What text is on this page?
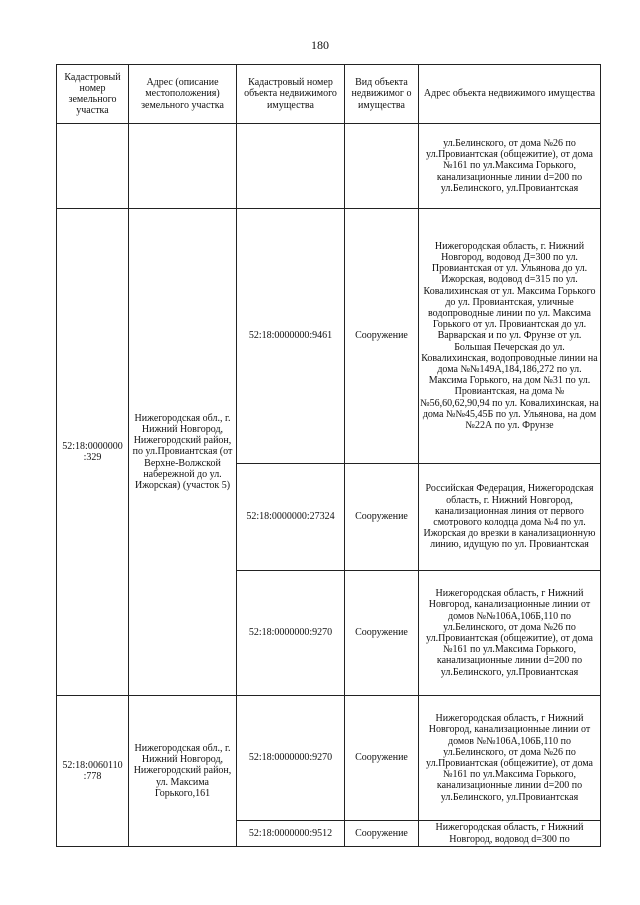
180
Кадастровый номер земельного участка	Адрес (описание местоположения) земельного участка	Кадастровый номер объекта недвижимого имущества	Вид объекта недвижимог о имущества	Адрес объекта недвижимого имущества
				ул.Белинского, от дома №26 по ул.Провиантская (общежитие), от дома №161 по ул.Максима Горького, канализационные линии d=200 по ул.Белинского, ул.Провиантская
52:18:0000000 :329	Нижегородская обл., г. Нижний Новгород, Нижегородский район, по ул.Провиантская (от Верхне-Волжской набережной до ул. Ижорская) (участок 5)	52:18:0000000:9461	Сооружение	Нижегородская область, г. Нижний Новгород, водовод Д=300 по ул. Провиантская от ул. Ульянова до ул. Ижорская, водовод d=315 по ул. Ковалихинская от ул. Максима Горького до ул. Провиантская, уличные водопроводные линии по ул. Максима Горького от ул. Провиантская до ул. Варварская и по ул. Фрунзе от ул. Большая Печерская до ул. Ковалихинская, водопроводные линии на дома №№149А,184,186,272 по ул. Максима Горького, на дом №31 по ул. Провиантская, на дома №№56,60,62,90,94 по ул. Ковалихинская, на дома №№45,45Б по ул. Ульянова, на дом №22А по ул. Фрунзе
		52:18:0000000:27324	Сооружение	Российская Федерация, Нижегородская область, г. Нижний Новгород, канализационная линия от первого смотрового колодца дома №4 по ул. Ижорская до врезки в канализационную линию, идущую по ул. Провиантская
		52:18:0000000:9270	Сооружение	Нижегородская область, г Нижний Новгород, канализационные линии от домов №№106А,106Б,110 по ул.Белинского, от дома №26 по ул.Провиантская (общежитие), от дома №161 по ул.Максима Горького, канализационные линии d=200 по ул.Белинского, ул.Провиантская
52:18:0060110 :778	Нижегородская обл., г. Нижний Новгород, Нижегородский район, ул. Максима Горького,161	52:18:0000000:9270	Сооружение	Нижегородская область, г Нижний Новгород, канализационные линии от домов №№106А,106Б,110 по ул.Белинского, от дома №26 по ул.Провиантская (общежитие), от дома №161 по ул.Максима Горького, канализационные линии d=200 по ул.Белинского, ул.Провиантская
		52:18:0000000:9512	Сооружение	Нижегородская область, г Нижний Новгород, водовод d=300 по
